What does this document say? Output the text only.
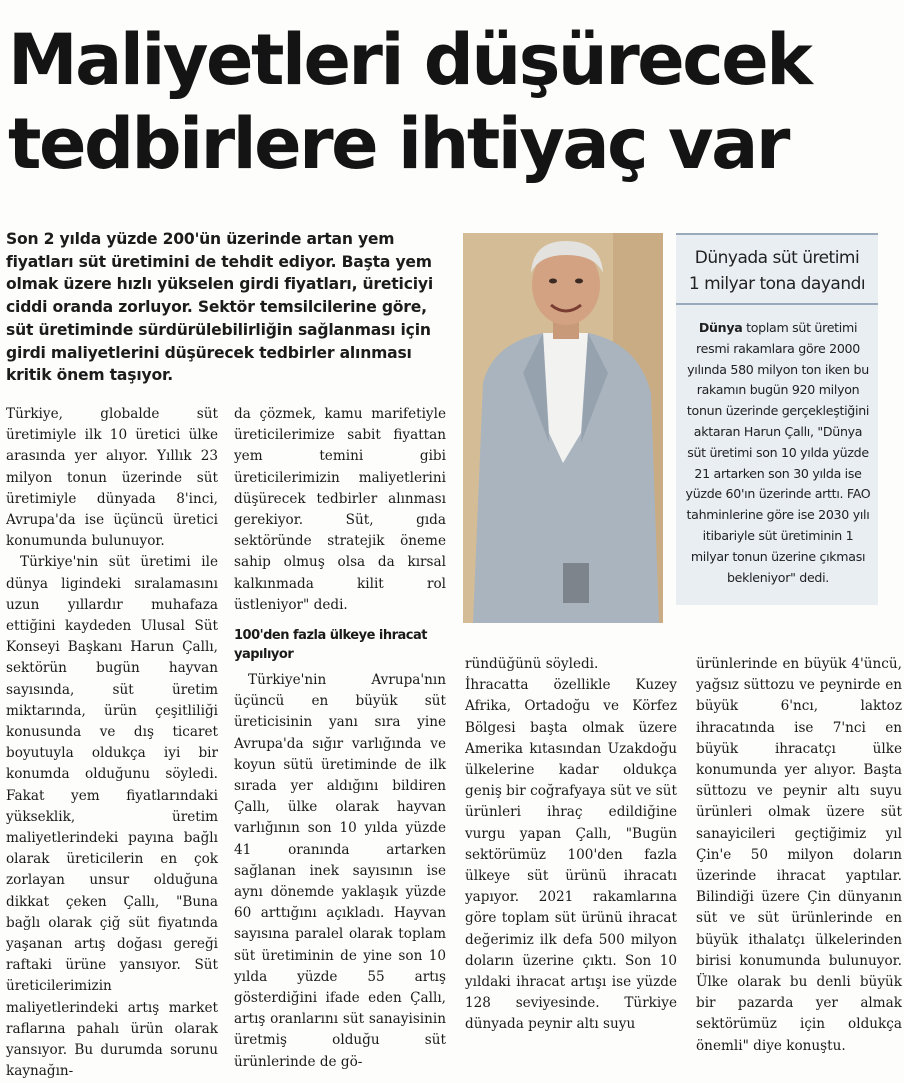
Maliyetleri düşürecek
tedbirlere ihtiyaç var

Son 2 yılda yüzde 200'ün üzerinde artan yem fiyatları süt üretimini de tehdit ediyor. Başta yem olmak üzere hızlı yükselen girdi fiyatları, üreticiyi ciddi oranda zorluyor. Sektör temsilcilerine göre, süt üretiminde sürdürülebilirliğin sağlanması için girdi maliyetlerini düşürecek tedbirler alınması kritik önem taşıyor.

Dünyada süt üretimi
1 milyar tona dayandı
Dünya toplam süt üretimi resmi rakamlara göre 2000 yılında 580 milyon ton iken bu rakamın bugün 920 milyon tonun üzerinde gerçekleştiğini aktaran Harun Çallı, "Dünya süt üretimi son 10 yılda yüzde 21 artarken son 30 yılda ise yüzde 60'ın üzerinde arttı. FAO tahminlerine göre ise 2030 yılı itibariyle süt üretiminin 1 milyar tonun üzerine çıkması bekleniyor" dedi.

Türkiye, globalde süt üretimiyle ilk 10 üretici ülke arasında yer alıyor. Yıllık 23 milyon tonun üzerinde süt üretimiyle dünyada 8'inci, Avrupa'da ise üçüncü üretici konumunda bulunuyor.

Türkiye'nin süt üretimi ile dünya ligindeki sıralamasını uzun yıllardır muhafaza ettiğini kaydeden Ulusal Süt Konseyi Başkanı Harun Çallı, sektörün bugün hayvan sayısında, süt üretim miktarında, ürün çeşitliliği konusunda ve dış ticaret boyutuyla oldukça iyi bir konumda olduğunu söyledi. Fakat yem fiyatlarındaki yükseklik, üretim maliyetlerindeki payına bağlı olarak üreticilerin en çok zorlayan unsur olduğuna dikkat çeken Çallı, "Buna bağlı olarak çiğ süt fiyatında yaşanan artış doğası gereği raftaki ürüne yansıyor. Süt üreticilerimizin maliyetlerindeki artış market raflarına pahalı ürün olarak yansıyor. Bu durumda sorunu kaynağın-

da çözmek, kamu marifetiyle üreticilerimize sabit fiyattan yem temini gibi üreticilerimizin maliyetlerini düşürecek tedbirler alınması gerekiyor. Süt, gıda sektöründe stratejik öneme sahip olmuş olsa da kırsal kalkınmada kilit rol üstleniyor" dedi.

100'den fazla ülkeye ihracat yapılıyor

Türkiye'nin Avrupa'nın üçüncü en büyük süt üreticisinin yanı sıra yine Avrupa'da sığır varlığında ve koyun sütü üretiminde de ilk sırada yer aldığını bildiren Çallı, ülke olarak hayvan varlığının son 10 yılda yüzde 41 oranında artarken sağlanan inek sayısının ise aynı dönemde yaklaşık yüzde 60 arttığını açıkladı. Hayvan sayısına paralel olarak toplam süt üretiminin de yine son 10 yılda yüzde 55 artış gösterdiğini ifade eden Çallı, artış oranlarını süt sanayisinin üretmiş olduğu süt ürünlerinde de gö-

ründüğünü söyledi.

İhracatta özellikle Kuzey Afrika, Ortadoğu ve Körfez Bölgesi başta olmak üzere Amerika kıtasından Uzakdoğu ülkelerine kadar oldukça geniş bir coğrafyaya süt ve süt ürünleri ihraç edildiğine vurgu yapan Çallı, "Bugün sektörümüz 100'den fazla ülkeye süt ürünü ihracatı yapıyor. 2021 rakamlarına göre toplam süt ürünü ihracat değerimiz ilk defa 500 milyon doların üzerine çıktı. Son 10 yıldaki ihracat artışı ise yüzde 128 seviyesinde. Türkiye dünyada peynir altı suyu

ürünlerinde en büyük 4'üncü, yağsız süttozu ve peynirde en büyük 6'ncı, laktoz ihracatında ise 7'nci en büyük ihracatçı ülke konumunda yer alıyor. Başta süttozu ve peynir altı suyu ürünleri olmak üzere süt sanayicileri geçtiğimiz yıl Çin'e 50 milyon doların üzerinde ihracat yaptılar. Bilindiği üzere Çin dünyanın süt ve süt ürünlerinde en büyük ithalatçı ülkelerinden birisi konumunda bulunuyor. Ülke olarak bu denli büyük bir pazarda yer almak sektörümüz için oldukça önemli" diye konuştu.
